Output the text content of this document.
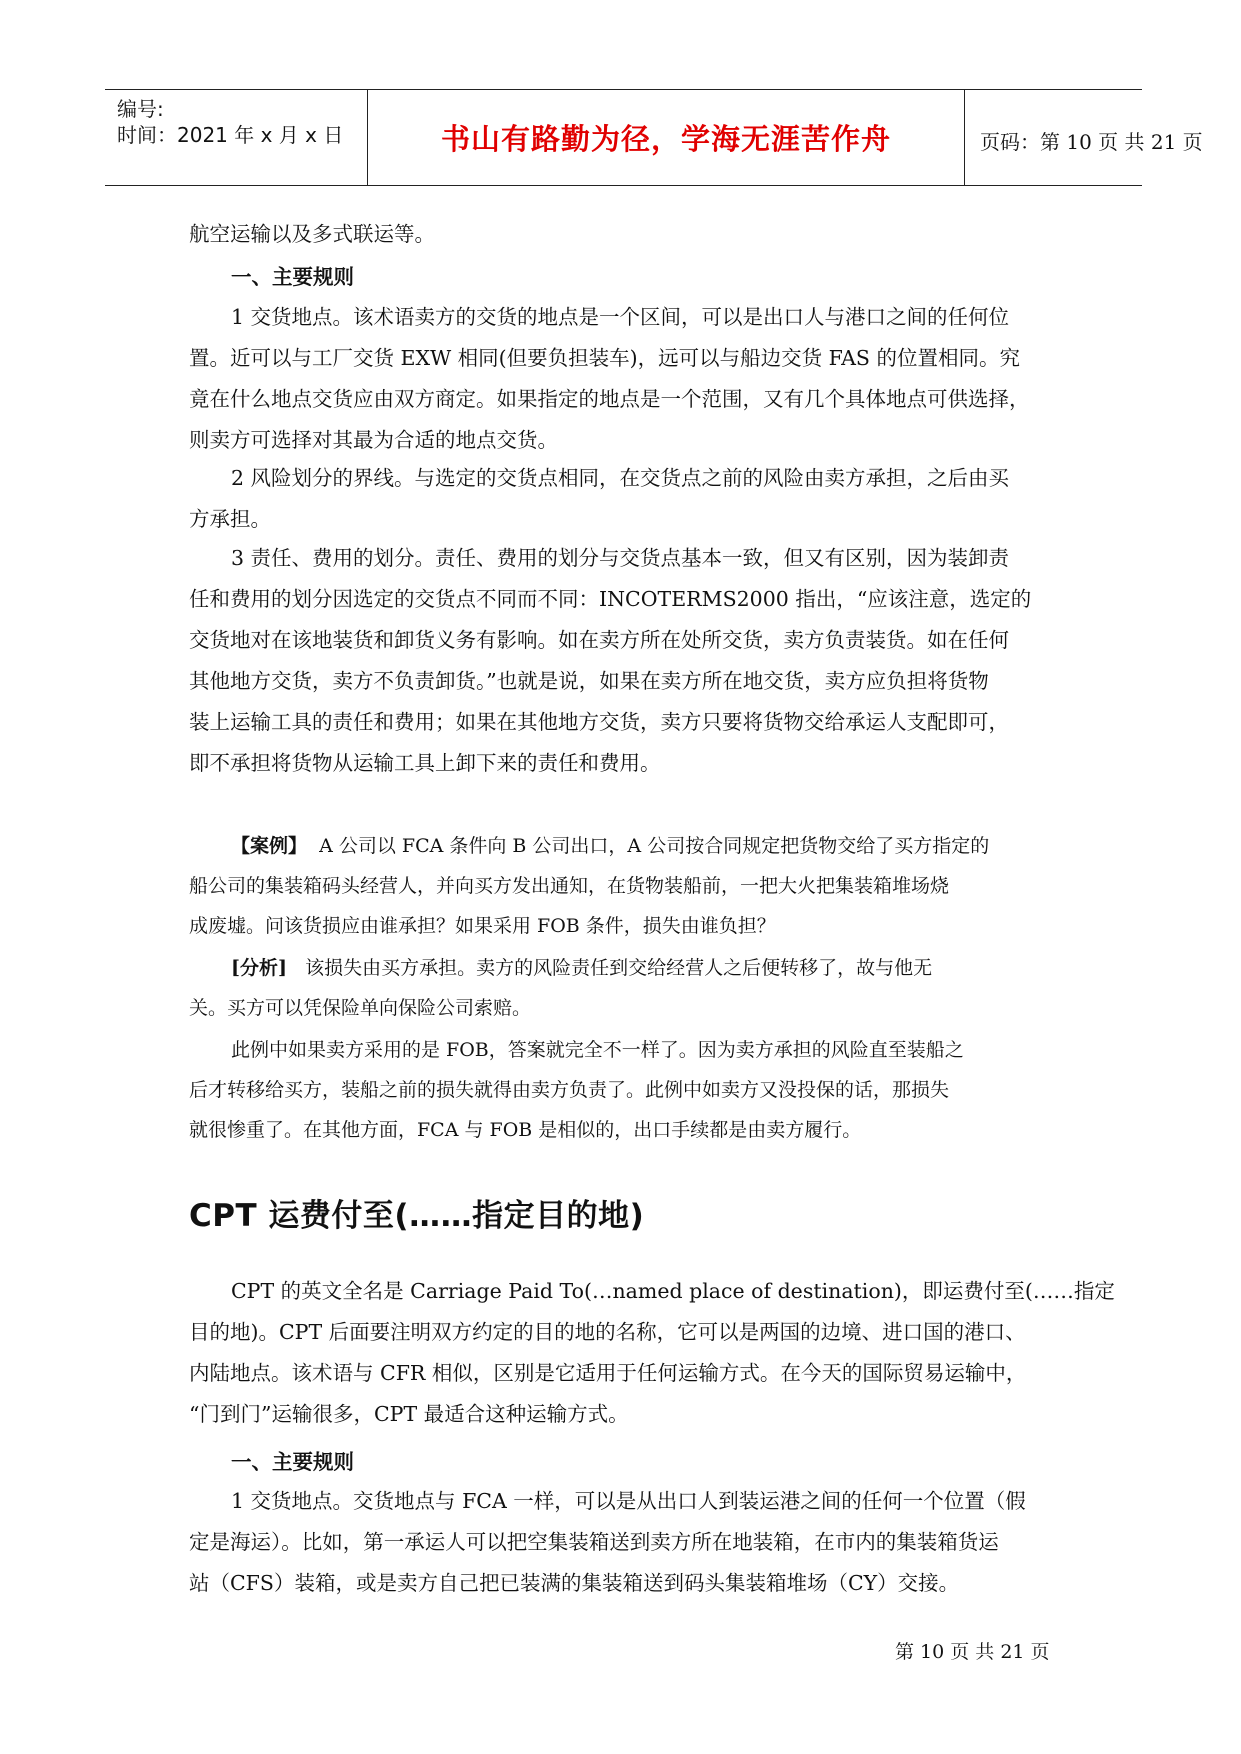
编号:
时间：2021 年 x 月 x 日	书山有路勤为径，学海无涯苦作舟	页码：第 10 页 共 21 页
航空运输以及多式联运等。
一、主要规则
1 交货地点。该术语卖方的交货的地点是一个区间，可以是出口人与港口之间的任何位
置。近可以与工厂交货 EXW 相同(但要负担装车)，远可以与船边交货 FAS 的位置相同。究
竟在什么地点交货应由双方商定。如果指定的地点是一个范围，又有几个具体地点可供选择，
则卖方可选择对其最为合适的地点交货。
2 风险划分的界线。与选定的交货点相同，在交货点之前的风险由卖方承担，之后由买
方承担。
3 责任、费用的划分。责任、费用的划分与交货点基本一致，但又有区别，因为装卸责
任和费用的划分因选定的交货点不同而不同：INCOTERMS2000 指出，“应该注意，选定的
交货地对在该地装货和卸货义务有影响。如在卖方所在处所交货，卖方负责装货。如在任何
其他地方交货，卖方不负责卸货。”也就是说，如果在卖方所在地交货，卖方应负担将货物
装上运输工具的责任和费用；如果在其他地方交货，卖方只要将货物交给承运人支配即可，
即不承担将货物从运输工具上卸下来的责任和费用。
【案例】 A 公司以 FCA 条件向 B 公司出口，A 公司按合同规定把货物交给了买方指定的
船公司的集装箱码头经营人，并向买方发出通知，在货物装船前，一把大火把集装箱堆场烧
成废墟。问该货损应由谁承担？如果采用 FOB 条件，损失由谁负担？
[分析] 该损失由买方承担。卖方的风险责任到交给经营人之后便转移了，故与他无
关。买方可以凭保险单向保险公司索赔。
此例中如果卖方采用的是 FOB，答案就完全不一样了。因为卖方承担的风险直至装船之
后才转移给买方，装船之前的损失就得由卖方负责了。此例中如卖方又没投保的话，那损失
就很惨重了。在其他方面，FCA 与 FOB 是相似的，出口手续都是由卖方履行。
CPT 运费付至(……指定目的地)
CPT 的英文全名是 Carriage Paid To(…named place of destination)，即运费付至(……指定
目的地)。CPT 后面要注明双方约定的目的地的名称，它可以是两国的边境、进口国的港口、
内陆地点。该术语与 CFR 相似，区别是它适用于任何运输方式。在今天的国际贸易运输中，
“门到门”运输很多，CPT 最适合这种运输方式。
一、主要规则
1 交货地点。交货地点与 FCA 一样，可以是从出口人到装运港之间的任何一个位置（假
定是海运）。比如，第一承运人可以把空集装箱送到卖方所在地装箱，在市内的集装箱货运
站（CFS）装箱，或是卖方自己把已装满的集装箱送到码头集装箱堆场（CY）交接。
第 10 页 共 21 页
